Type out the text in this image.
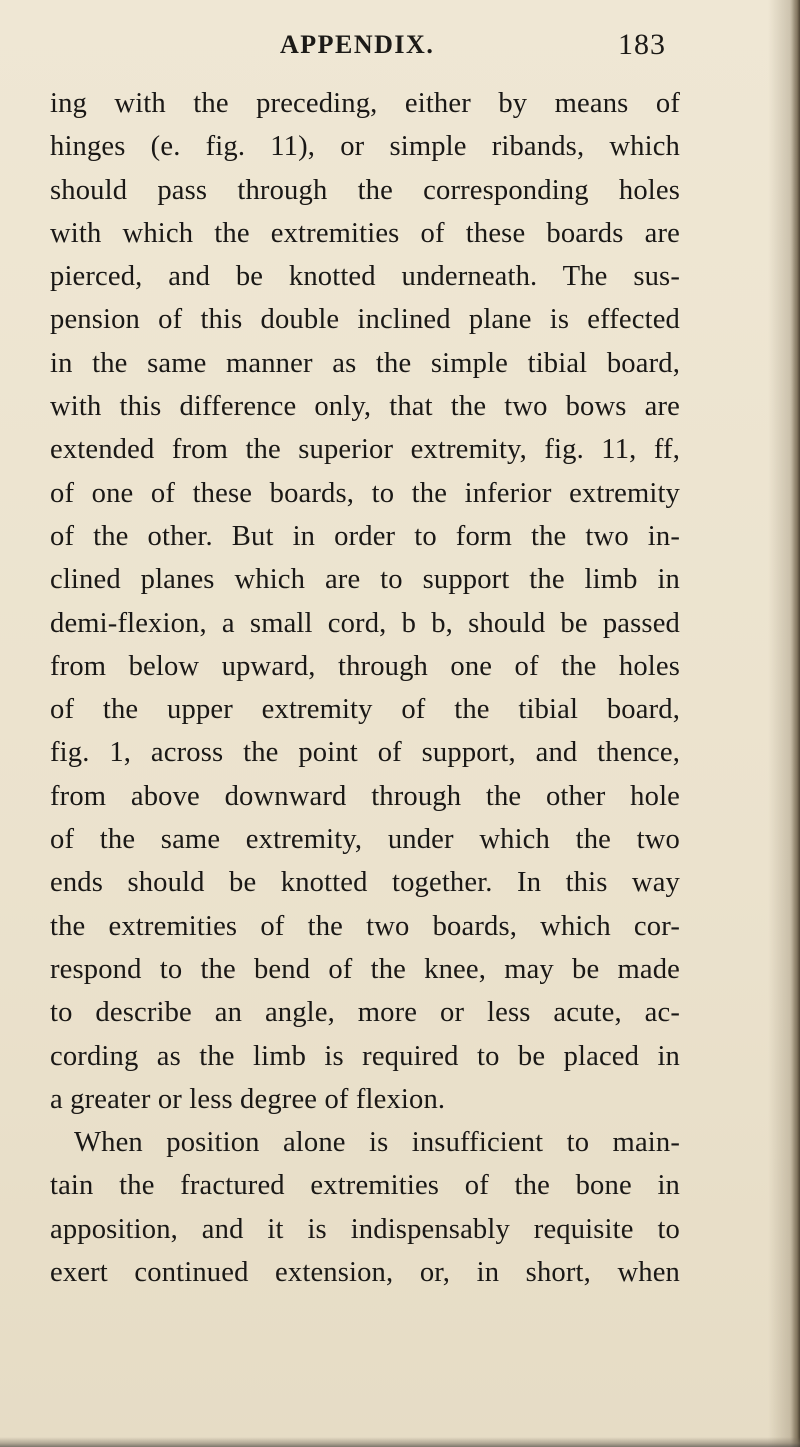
APPENDIX.	183
ing with the preceding, either by means of
hinges (e. fig. 11), or simple ribands, which
should pass through the corresponding holes
with which the extremities of these boards are
pierced, and be knotted underneath. The sus-
pension of this double inclined plane is effected
in the same manner as the simple tibial board,
with this difference only, that the two bows are
extended from the superior extremity, fig. 11, ff,
of one of these boards, to the inferior extremity
of the other. But in order to form the two in-
clined planes which are to support the limb in
demi-flexion, a small cord, b b, should be passed
from below upward, through one of the holes
of the upper extremity of the tibial board,
fig. 1, across the point of support, and thence,
from above downward through the other hole
of the same extremity, under which the two
ends should be knotted together. In this way
the extremities of the two boards, which cor-
respond to the bend of the knee, may be made
to describe an angle, more or less acute, ac-
cording as the limb is required to be placed in
a greater or less degree of flexion.
When position alone is insufficient to main-
tain the fractured extremities of the bone in
apposition, and it is indispensably requisite to
exert continued extension, or, in short, when
